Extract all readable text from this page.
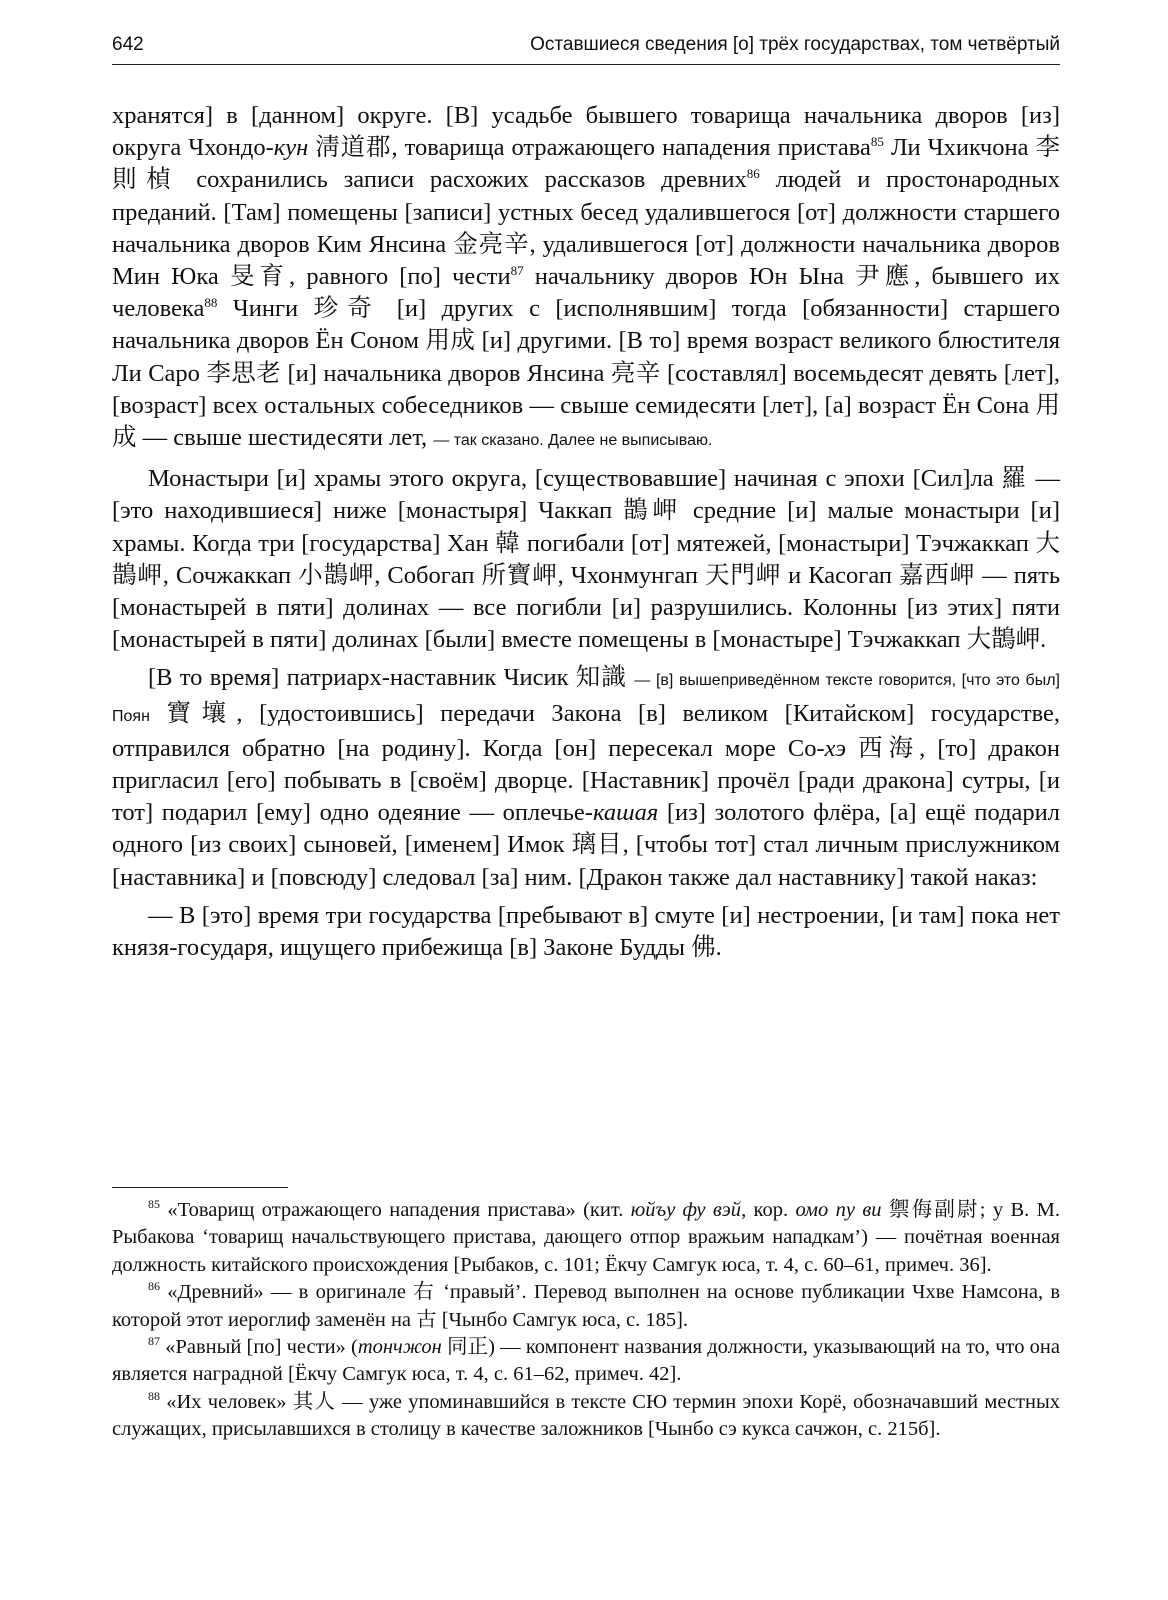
642	Оставшиеся сведения [о] трёх государствах, том четвёртый

хранятся] в [данном] округе. [В] усадьбе бывшего товарища начальника дворов [из] округа Чхондо-кун 淸道郡, товарища отражающего нападения пристава$^{85}$ Ли Чхикчона 李則楨 сохранились записи расхожих рассказов древних$^{86}$ людей и простонародных преданий. [Там] помещены [записи] устных бесед удалившегося [от] должности старшего начальника дворов Ким Янсина 金亮辛, удалившегося [от] должности начальника дворов Мин Юка 旻育, равного [по] чести$^{87}$ начальнику дворов Юн Ына 尹應, бывшего их человека$^{88}$ Чинги 珍奇 [и] других с [исполнявшим] тогда [обязанности] старшего начальника дворов Ён Соном 用成 [и] другими. [В то] время возраст великого блюстителя Ли Саро 李思老 [и] начальника дворов Янсина 亮辛 [составлял] восемьдесят девять [лет], [возраст] всех остальных собеседников — свыше семидесяти [лет], [а] возраст Ён Сона 用成 — свыше шестидесяти лет, — так сказано. Далее не выписываю.

Монастыри [и] храмы этого округа, [существовавшие] начиная с эпохи [Сил]ла 羅 — [это находившиеся] ниже [монастыря] Чаккап 鵲岬 средние [и] малые монастыри [и] храмы. Когда три [государства] Хан 韓 погибали [от] мятежей, [монастыри] Тэчжаккап 大鵲岬, Сочжаккап 小鵲岬, Собогап 所寶岬, Чхонмунгап 天門岬 и Касогап 嘉西岬 — пять [монастырей в пяти] долинах — все погибли [и] разрушились. Колонны [из этих] пяти [монастырей в пяти] долинах [были] вместе помещены в [монастыре] Тэчжаккап 大鵲岬.

[В то время] патриарх-наставник Чисик 知識 — [в] вышеприведённом тексте говорится, [что это был] Поян 寶壤, [удостоившись] передачи Закона [в] великом [Китайском] государстве, отправился обратно [на родину]. Когда [он] пересекал море Со-хэ 西海, [то] дракон пригласил [его] побывать в [своём] дворце. [Наставник] прочёл [ради дракона] сутры, [и тот] подарил [ему] одно одеяние — оплечье-кашая [из] золотого флёра, [а] ещё подарил одного [из своих] сыновей, [именем] Имок 璃目, [чтобы тот] стал личным прислужником [наставника] и [повсюду] следовал [за] ним. [Дракон также дал наставнику] такой наказ:

— В [это] время три государства [пребывают в] смуте [и] нестроении, [и там] пока нет князя-государя, ищущего прибежища [в] Законе Будды 佛.

$^{85}$ «Товарищ отражающего нападения пристава» (кит. юйъу фу вэй, кор. омо пу ви 禦侮副尉; у В. М. Рыбакова ‘товарищ начальствующего пристава, дающего отпор вражьим нападкам’) — почётная военная должность китайского происхождения [Рыбаков, с. 101; Ёкчу Самгук юса, т. 4, с. 60–61, примеч. 36].

$^{86}$ «Древний» — в оригинале 右 ‘правый’. Перевод выполнен на основе публикации Чхве Намсона, в которой этот иероглиф заменён на 古 [Чынбо Самгук юса, с. 185].

$^{87}$ «Равный [по] чести» (тончжон 同正) — компонент названия должности, указывающий на то, что она является наградной [Ёкчу Самгук юса, т. 4, с. 61–62, примеч. 42].

$^{88}$ «Их человек» 其人 — уже упоминавшийся в тексте СЮ термин эпохи Корё, обозначавший местных служащих, присылавшихся в столицу в качестве заложников [Чынбо сэ кукса сачжон, с. 215б].
